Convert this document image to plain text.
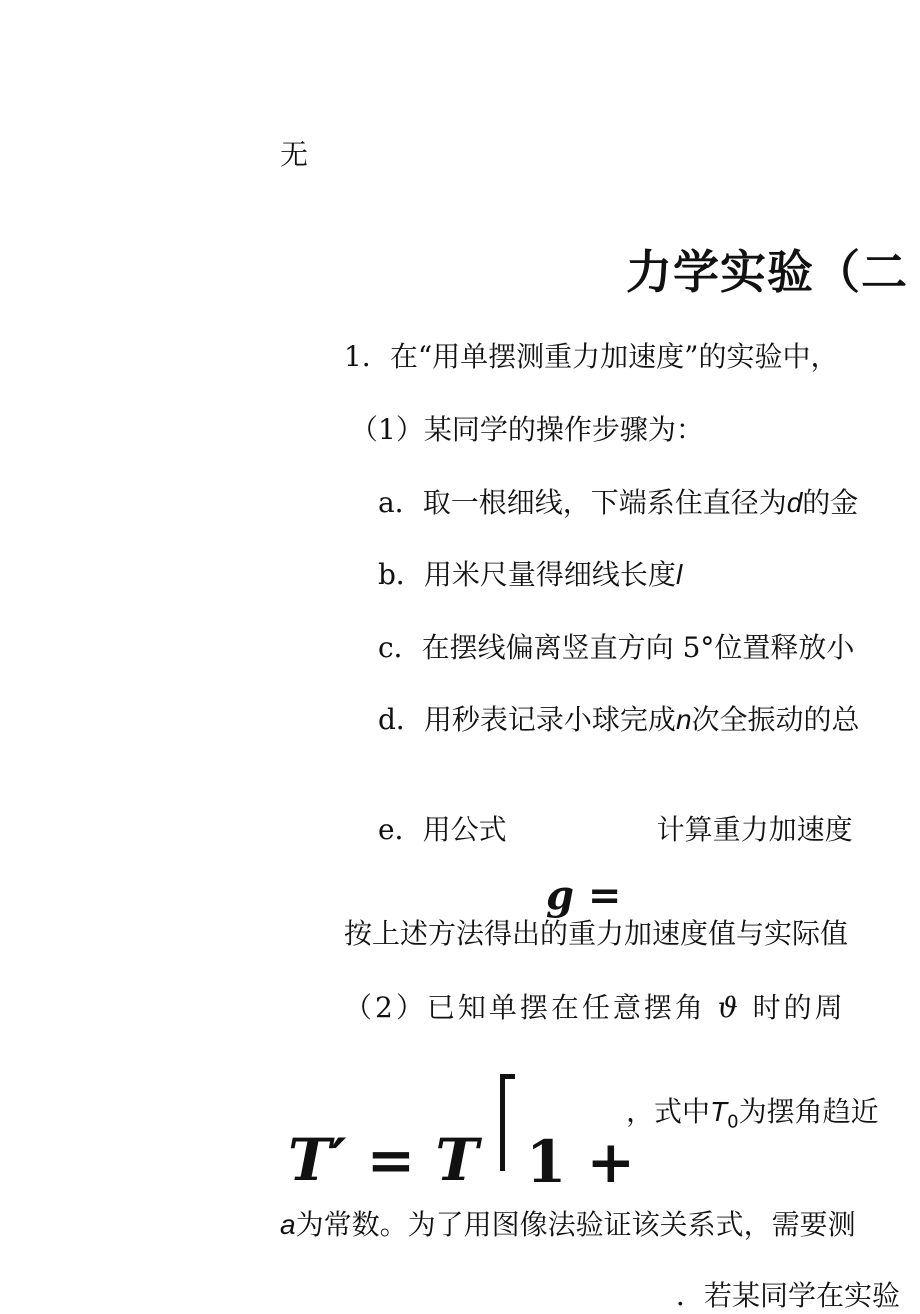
无
力学实验（二
1．在“用单摆测重力加速度”的实验中，
（1）某同学的操作步骤为：
a．取一根细线，下端系住直径为d的金
b．用米尺量得细线长度l
c．在摆线偏离竖直方向 5°位置释放小
d．用秒表记录小球完成n次全振动的总
e．用公式	计算重力加速度
g =
按上述方法得出的重力加速度值与实际值
（2）已知单摆在任意摆角 ϑ 时的周
T′ = T 1 +
，式中$T_0$为摆角趋近
a为常数。为了用图像法验证该关系式，需要测
．若某同学在实验
